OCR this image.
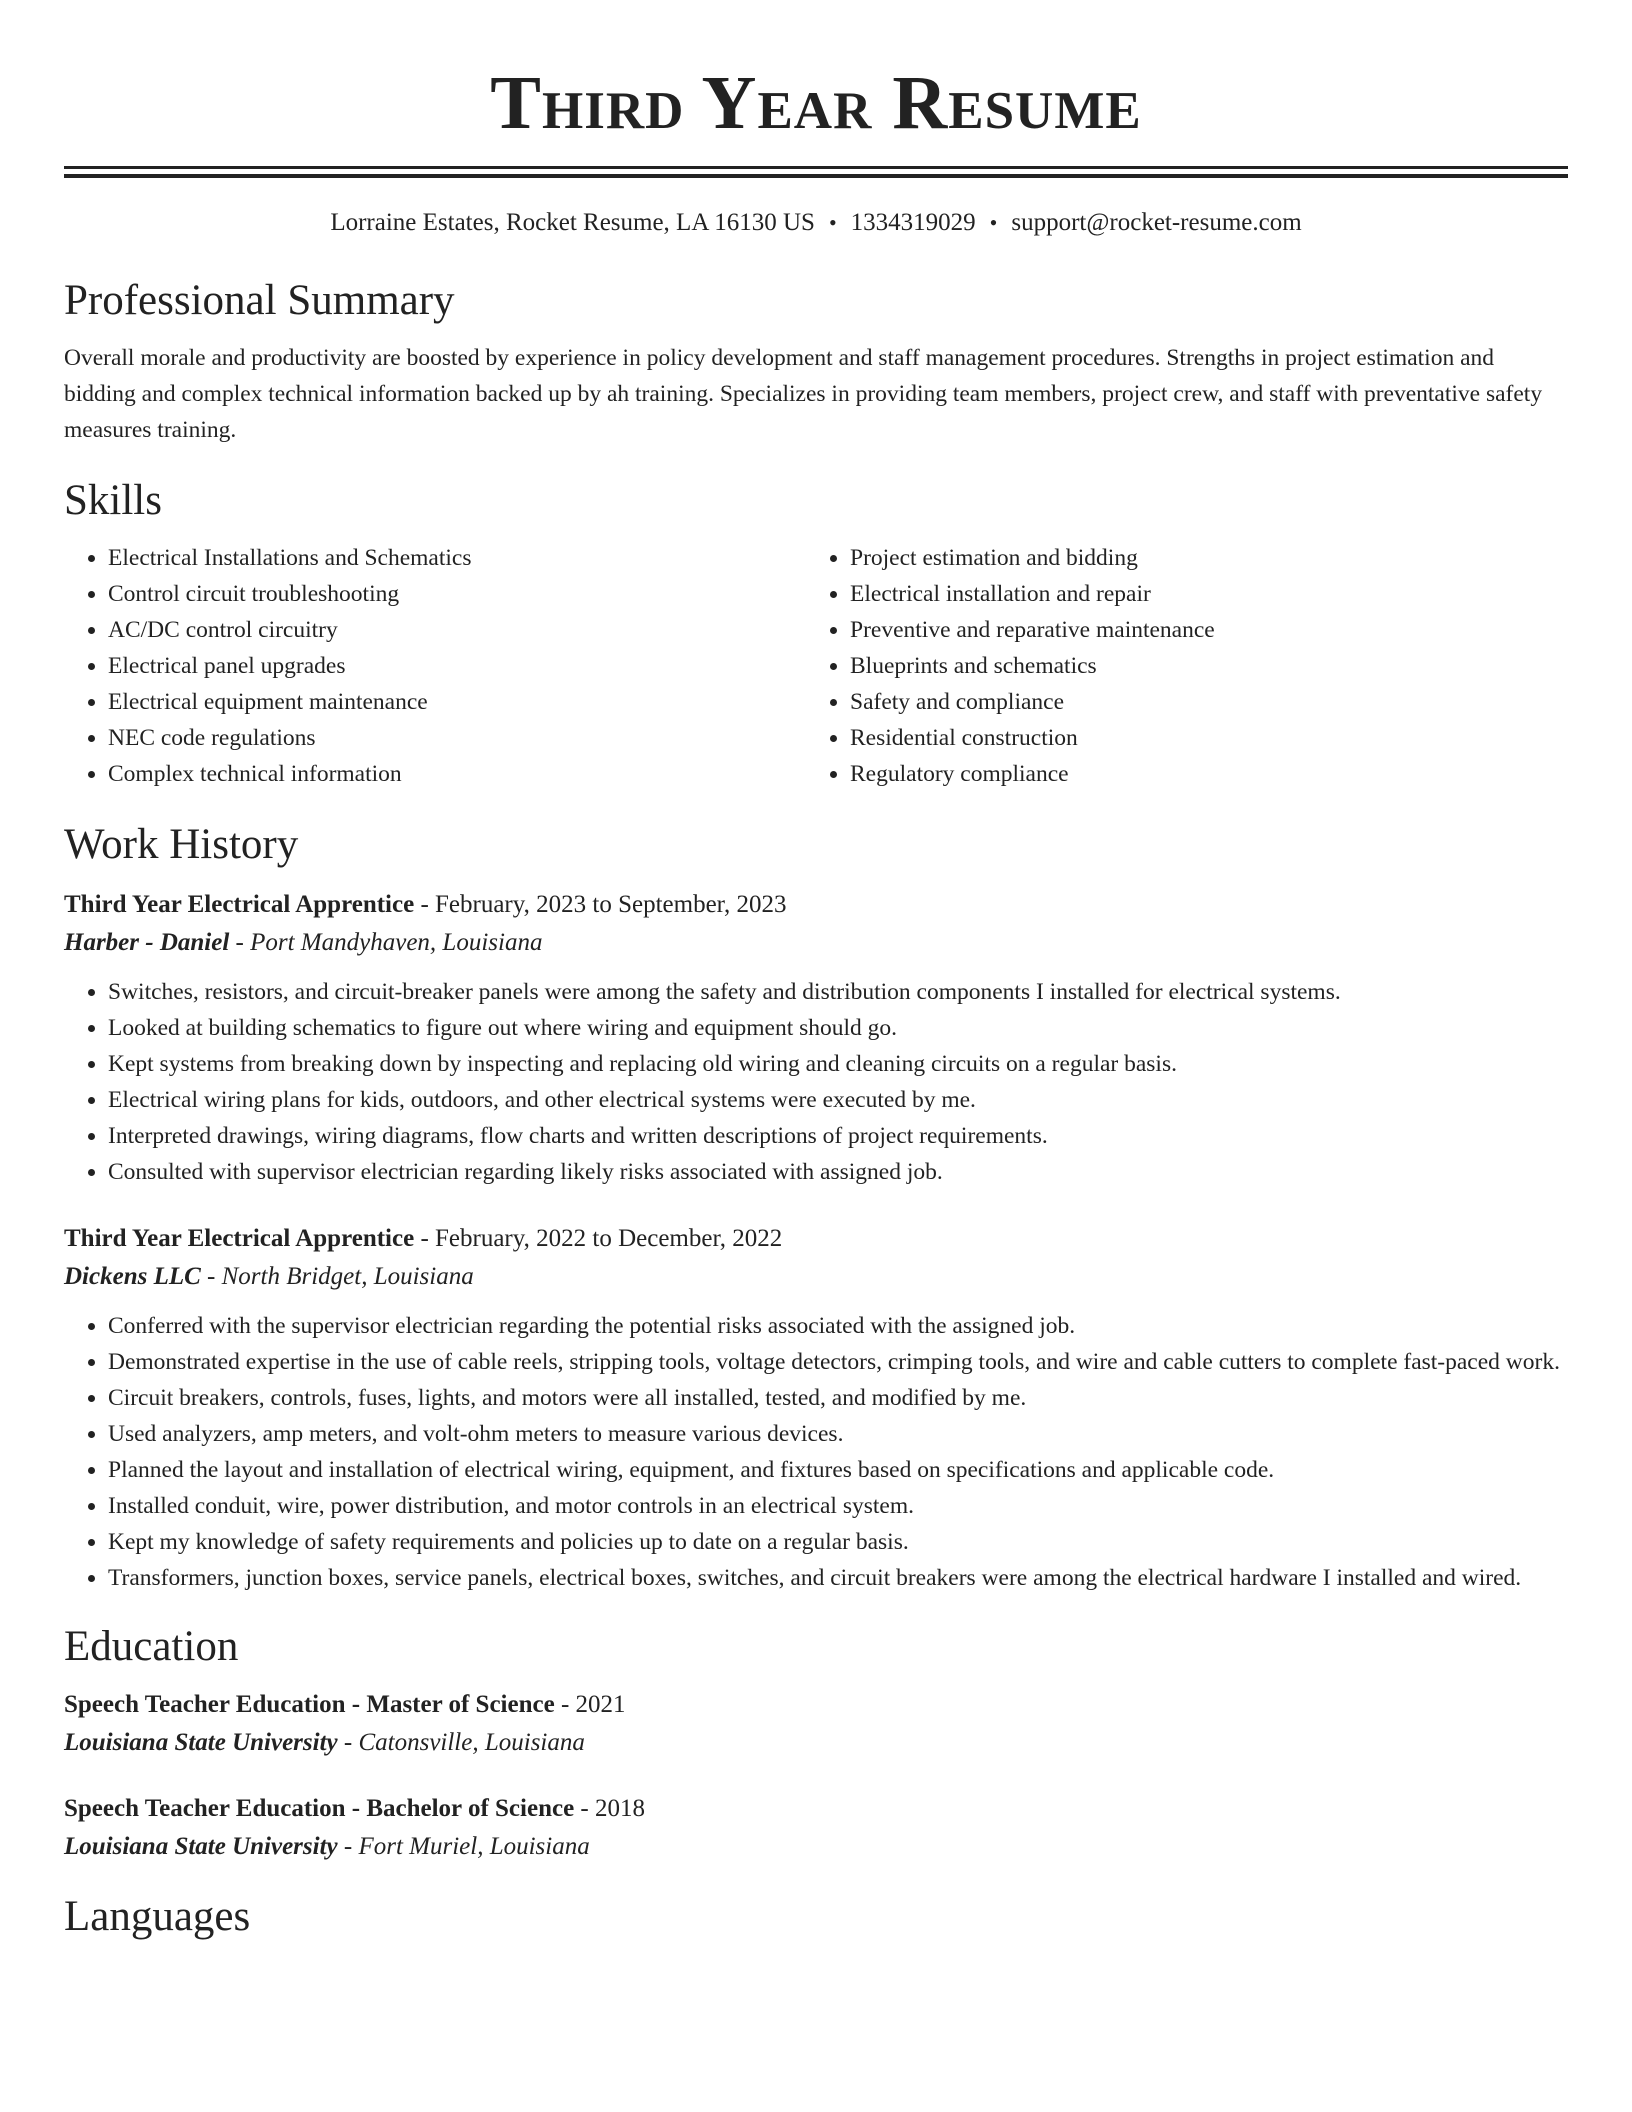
Third Year Resume
Lorraine Estates, Rocket Resume, LA 16130 US • 1334319029 • support@rocket-resume.com
Professional Summary

Overall morale and productivity are boosted by experience in policy development and staff management procedures. Strengths in project estimation and bidding and complex technical information backed up by ah training. Specializes in providing team members, project crew, and staff with preventative safety measures training.

Skills
• Electrical Installations and Schematics
• Control circuit troubleshooting
• AC/DC control circuitry
• Electrical panel upgrades
• Electrical equipment maintenance
• NEC code regulations
• Complex technical information
• Project estimation and bidding
• Electrical installation and repair
• Preventive and reparative maintenance
• Blueprints and schematics
• Safety and compliance
• Residential construction
• Regulatory compliance
Work History
Third Year Electrical Apprentice - February, 2023 to September, 2023
Harber - Daniel - Port Mandyhaven, Louisiana
• Switches, resistors, and circuit-breaker panels were among the safety and distribution components I installed for electrical systems.
• Looked at building schematics to figure out where wiring and equipment should go.
• Kept systems from breaking down by inspecting and replacing old wiring and cleaning circuits on a regular basis.
• Electrical wiring plans for kids, outdoors, and other electrical systems were executed by me.
• Interpreted drawings, wiring diagrams, flow charts and written descriptions of project requirements.
• Consulted with supervisor electrician regarding likely risks associated with assigned job.
Third Year Electrical Apprentice - February, 2022 to December, 2022
Dickens LLC - North Bridget, Louisiana
• Conferred with the supervisor electrician regarding the potential risks associated with the assigned job.
• Demonstrated expertise in the use of cable reels, stripping tools, voltage detectors, crimping tools, and wire and cable cutters to complete fast-paced work.
• Circuit breakers, controls, fuses, lights, and motors were all installed, tested, and modified by me.
• Used analyzers, amp meters, and volt-ohm meters to measure various devices.
• Planned the layout and installation of electrical wiring, equipment, and fixtures based on specifications and applicable code.
• Installed conduit, wire, power distribution, and motor controls in an electrical system.
• Kept my knowledge of safety requirements and policies up to date on a regular basis.
• Transformers, junction boxes, service panels, electrical boxes, switches, and circuit breakers were among the electrical hardware I installed and wired.
Education
Speech Teacher Education - Master of Science - 2021
Louisiana State University - Catonsville, Louisiana
Speech Teacher Education - Bachelor of Science - 2018
Louisiana State University - Fort Muriel, Louisiana
Languages
